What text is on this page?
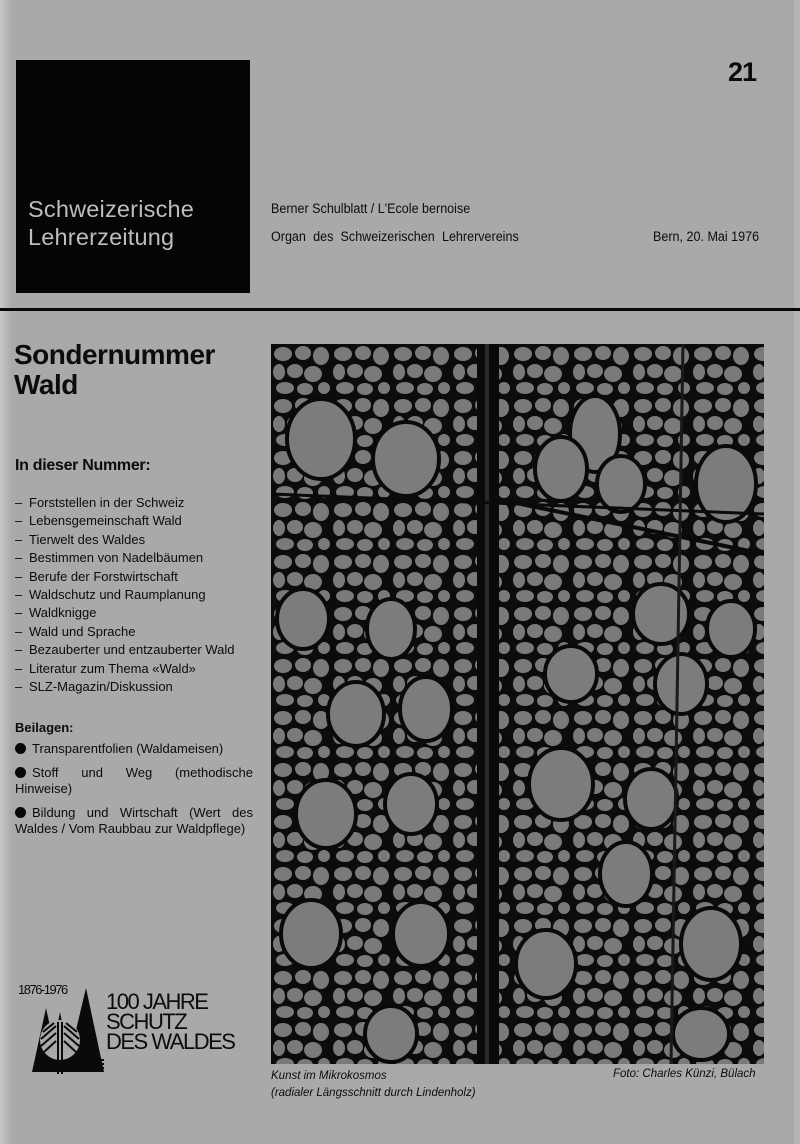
Schweizerische
Lehrerzeitung
21
Berner Schulblatt / L'Ecole bernoise
Organ des Schweizerischen Lehrervereins	Bern, 20. Mai 1976
Sondernummer
Wald
In dieser Nummer:
– Forststellen in der Schweiz
– Lebensgemeinschaft Wald
– Tierwelt des Waldes
– Bestimmen von Nadelbäumen
– Berufe der Forstwirtschaft
– Waldschutz und Raumplanung
– Waldknigge
– Wald und Sprache
– Bezauberter und entzauberter Wald
– Literatur zum Thema «Wald»
– SLZ-Magazin/Diskussion
Beilagen:
Transparentfolien (Waldameisen)
Stoff und Weg (methodische Hinweise)
Bildung und Wirtschaft (Wert des Waldes / Vom Raubbau zur Waldpflege)
1876-1976 100 JAHRE
SCHUTZ
DES WALDES
Kunst im Mikrokosmos
(radialer Längsschnitt durch Lindenholz)
Foto: Charles Künzi, Bülach
